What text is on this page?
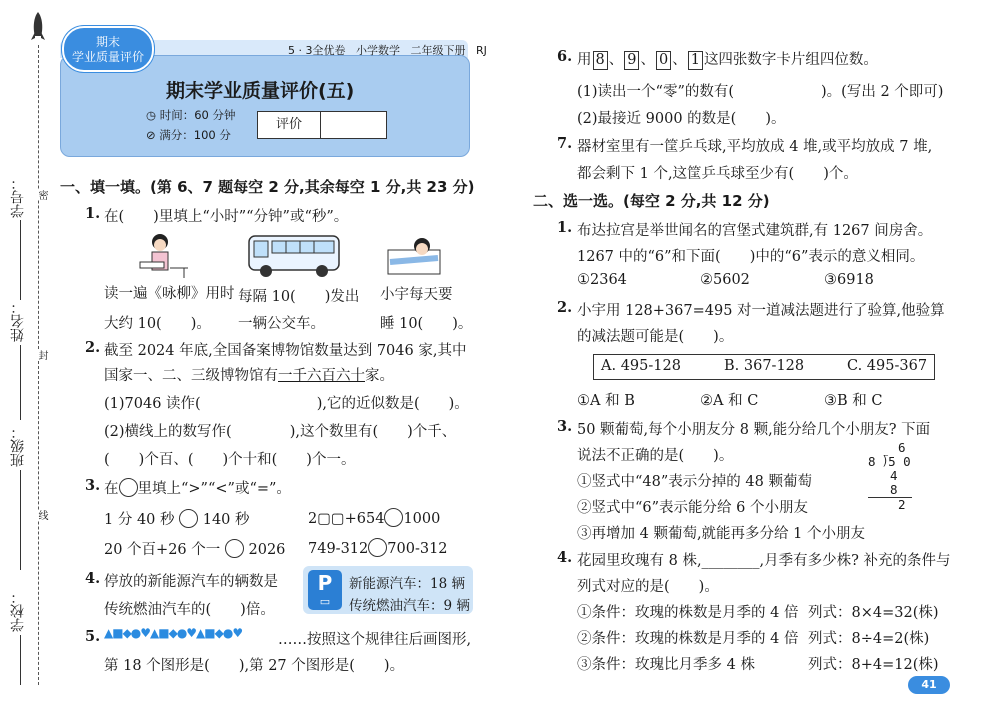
学号：
姓名：
班级：
学校：
密
封
线
期末
学业质量评价	5 · 3全优卷 小学数学 二年级下册 RJ
期末学业质量评价(五)
◷ 时间：60 分钟
⊘ 满分：100 分
评价
一、填一填。(第 6、7 题每空 2 分,其余每空 1 分,共 23 分)
1. 在(　　)里填上“小时”“分钟”或“秒”。
读一遍《咏柳》用时
大约 10(　　)。
每隔 10(　　)发出
一辆公交车。
小宇每天要
睡 10(　　)。
2. 截至 2024 年底,全国备案博物馆数量达到 7046 家,其中
国家一、二、三级博物馆有一千六百六十家。
(1)7046 读作(　　　　　　　　),它的近似数是(　　)。
(2)横线上的数写作(　　　　),这个数里有(　　)个千、
(　　)个百、(　　)个十和(　　)个一。
3. 在 里填上“>”“<”或“=”。
1 分 40 秒 140 秒	2▢▢+654 1000
20 个百+26 个一 2026 749-312 700-312
4. 停放的新能源汽车的辆数是
传统燃油汽车的(　　)倍。
P
▭
新能源汽车：18 辆
传统燃油汽车：9 辆
5. ▲■◆●♥▲■◆●♥▲■◆●♥ ……按照这个规律往后画图形,
第 18 个图形是(　　),第 27 个图形是(　　)。
6. 用 8 、 9 、 0 、 1 这四张数字卡片组四位数。
(1)读出一个“零”的数有(　　　　　　)。(写出 2 个即可)
(2)最接近 9000 的数是(　　)。
7. 器材室里有一筐乒乓球,平均放成 4 堆,或平均放成 7 堆,
都会剩下 1 个,这筐乒乓球至少有(　　)个。
二、选一选。(每空 2 分,共 12 分)
1. 布达拉宫是举世闻名的宫堡式建筑群,有 1267 间房舍。
1267 中的“6”和下面(　　)中的“6”表示的意义相同。
①2364	②5602	③6918
2. 小宇用 128+367=495 对一道减法题进行了验算,他验算
的减法题可能是(　　)。
A. 495-128	B. 367-128	C. 495-367
①A 和 B	②A 和 C	③B 和 C
3. 50 颗葡萄,每个小朋友分 8 颗,能分给几个小朋友? 下面
说法不正确的是(　　)。
①竖式中“48”表示分掉的 48 颗葡萄
②竖式中“6”表示能分给 6 个小朋友
③再增加 4 颗葡萄,就能再多分给 1 个小朋友
6
8 ⟌5 0
4 8
2
4. 花园里玫瑰有 8 株,________,月季有多少株? 补充的条件与
列式对应的是(　　)。
①条件：玫瑰的株数是月季的 4 倍 列式：8×4=32(株)
②条件：玫瑰的株数是月季的 4 倍 列式：8÷4=2(株)
③条件：玫瑰比月季多 4 株	列式：8+4=12(株)
41
